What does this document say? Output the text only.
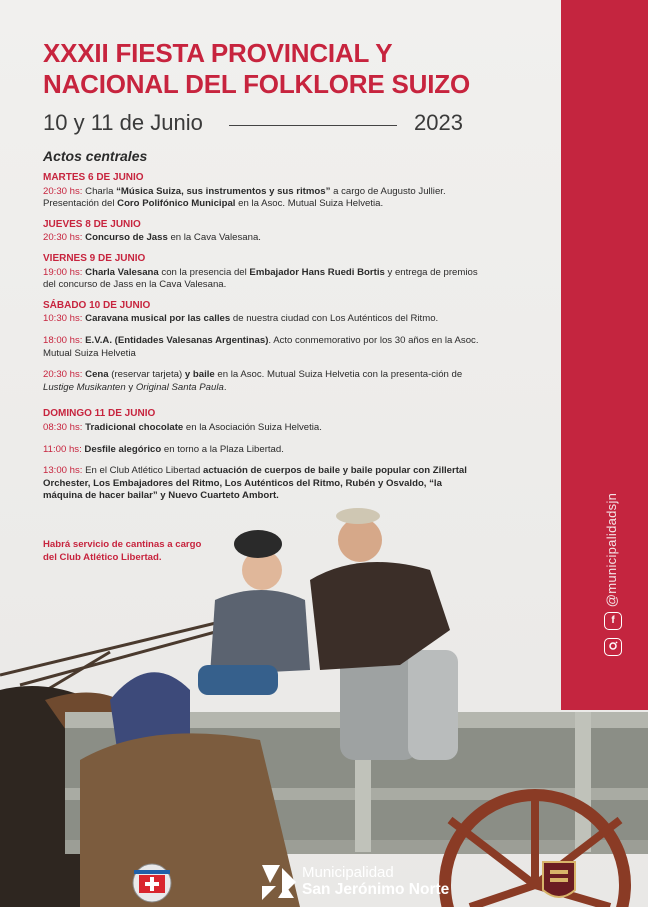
@municipalidadsjn
f
XXXII FIESTA PROVINCIAL Y
NACIONAL DEL FOLKLORE SUIZO
10 y 11 de Junio	2023
Actos centrales
MARTES 6 DE JUNIO
20:30 hs: Charla “Música Suiza, sus instrumentos y sus ritmos” a cargo de Augusto Jullier. Presentación del Coro Polifónico Municipal en la Asoc. Mutual Suiza Helvetia.
JUEVES 8 DE JUNIO
20:30 hs: Concurso de Jass en la Cava Valesana.
VIERNES 9 DE JUNIO
19:00 hs: Charla Valesana con la presencia del Embajador Hans Ruedi Bortis y entrega de premios del concurso de Jass en la Cava Valesana.
SÁBADO 10 DE JUNIO
10:30 hs: Caravana musical por las calles de nuestra ciudad con Los Auténticos del Ritmo.
18:00 hs: E.V.A. (Entidades Valesanas Argentinas). Acto conmemorativo por los 30 años en la Asoc. Mutual Suiza Helvetia
20:30 hs: Cena (reservar tarjeta) y baile en la Asoc. Mutual Suiza Helvetia con la presenta-ción de Lustige Musikanten y Original Santa Paula.
DOMINGO 11 DE JUNIO
08:30 hs: Tradicional chocolate en la Asociación Suiza Helvetia.
11:00 hs: Desfile alegórico en torno a la Plaza Libertad.
13:00 hs: En el Club Atlético Libertad actuación de cuerpos de baile y baile popular con Zillertal Orchester, Los Embajadores del Ritmo, Los Auténticos del Ritmo, Rubén y Osvaldo, “la máquina de hacer bailar” y Nuevo Cuarteto Ambort.
Habrá servicio de cantinas a cargo
del Club Atlético Libertad.
Municipalidad
San Jerónimo Norte
